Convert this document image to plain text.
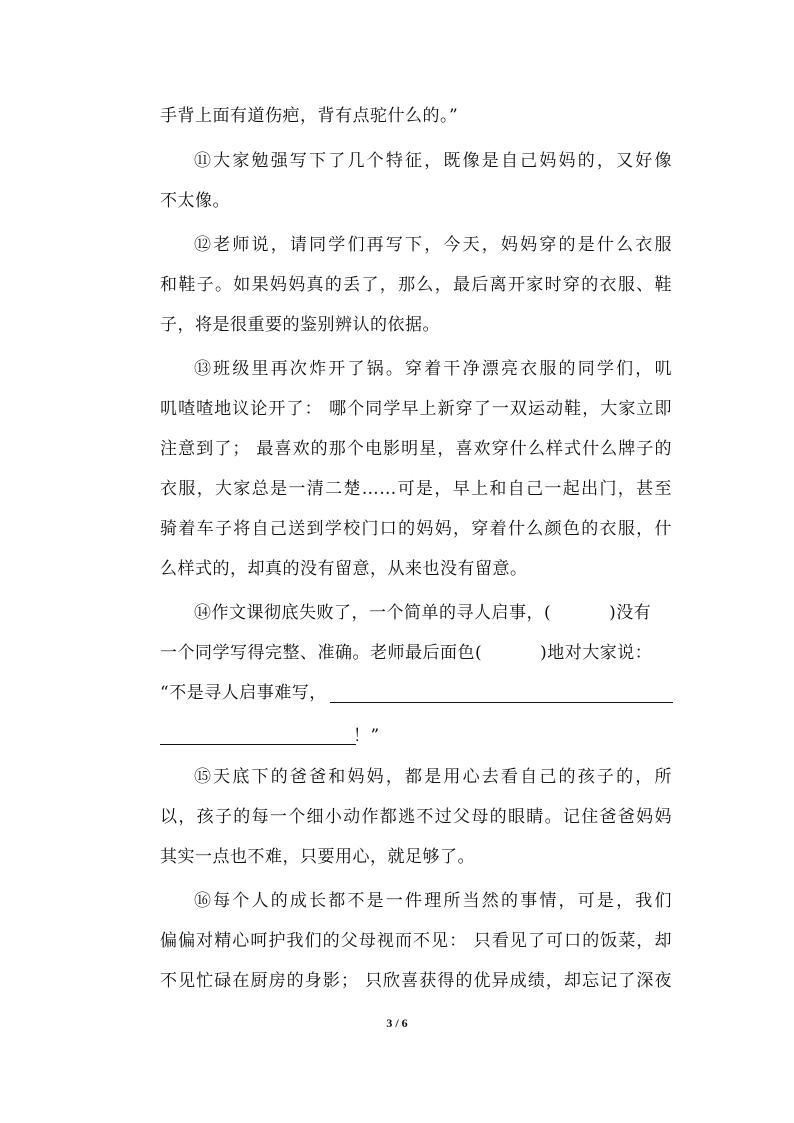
手背上面有道伤疤，背有点驼什么的。”
⑪大家勉强写下了几个特征，既像是自己妈妈的，又好像
不太像。
⑫老师说，请同学们再写下，今天，妈妈穿的是什么衣服
和鞋子。如果妈妈真的丢了，那么，最后离开家时穿的衣服、鞋
子，将是很重要的鉴别辨认的依据。
⑬班级里再次炸开了锅。穿着干净漂亮衣服的同学们，叽
叽喳喳地议论开了： 哪个同学早上新穿了一双运动鞋，大家立即
注意到了； 最喜欢的那个电影明星，喜欢穿什么样式什么牌子的
衣服，大家总是一清二楚……可是，早上和自己一起出门，甚至
骑着车子将自己送到学校门口的妈妈，穿着什么颜色的衣服，什
么样式的，却真的没有留意，从来也没有留意。
⑭作文课彻底失败了，一个简单的寻人启事，(	)没有
一个同学写得完整、准确。老师最后面色(	)地对大家说：
“不是寻人启事难写，
！”
⑮天底下的爸爸和妈妈，都是用心去看自己的孩子的，所
以，孩子的每一个细小动作都逃不过父母的眼睛。记住爸爸妈妈
其实一点也不难，只要用心，就足够了。
⑯每个人的成长都不是一件理所当然的事情，可是，我们
偏偏对精心呵护我们的父母视而不见： 只看见了可口的饭菜，却
不见忙碌在厨房的身影； 只欣喜获得的优异成绩，却忘记了深夜
3 / 6
